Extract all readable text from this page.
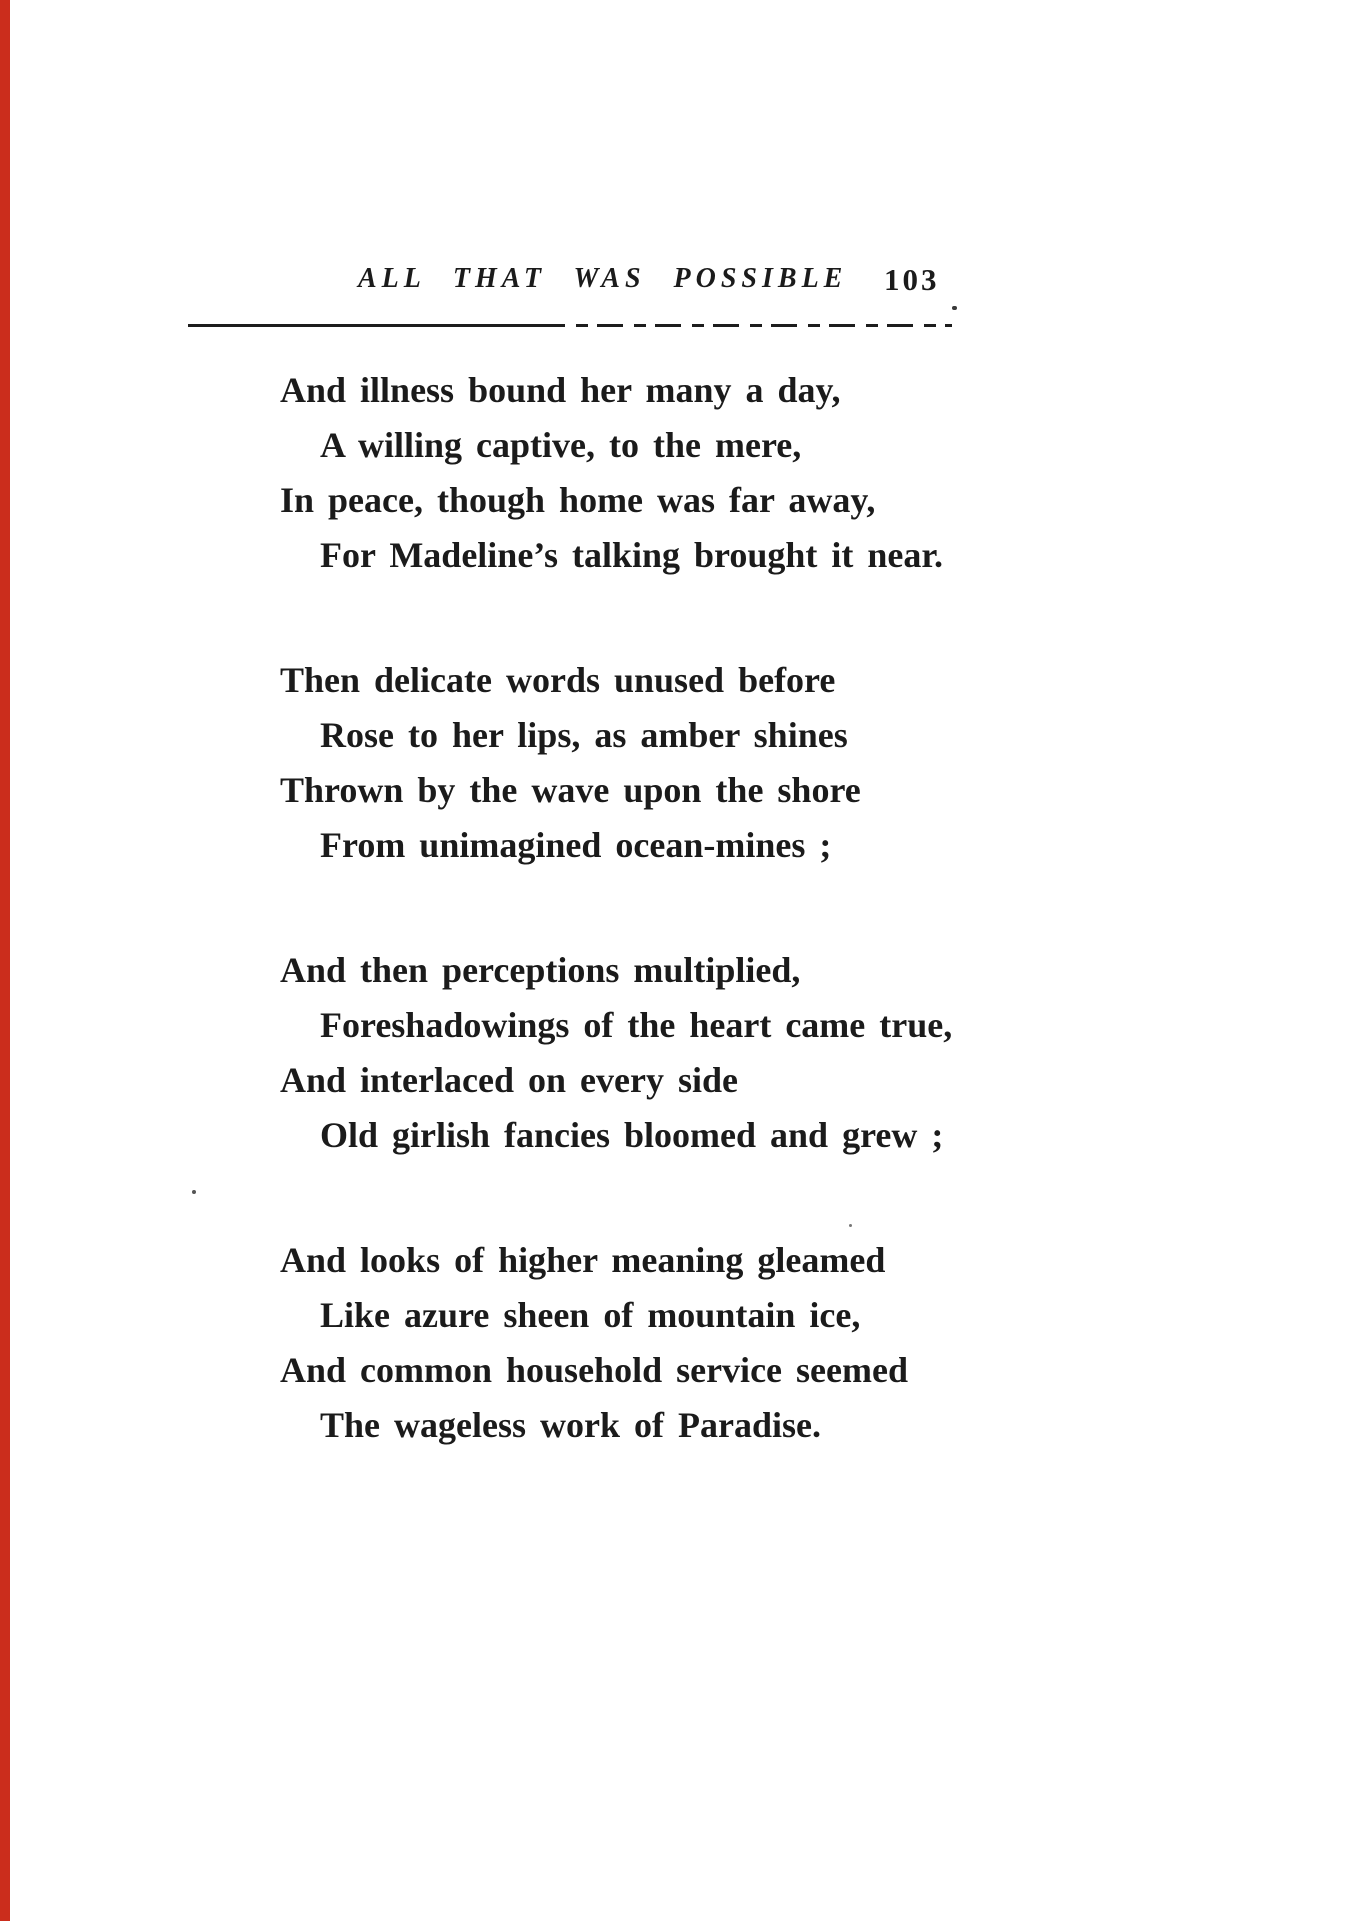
ALL THAT WAS POSSIBLE 103
And illness bound her many a day,
A willing captive, to the mere,
In peace, though home was far away,
For Madeline’s talking brought it near.
Then delicate words unused before
Rose to her lips, as amber shines
Thrown by the wave upon the shore
From unimagined ocean-mines ;
And then perceptions multiplied,
Foreshadowings of the heart came true,
And interlaced on every side
Old girlish fancies bloomed and grew ;
And looks of higher meaning gleamed
Like azure sheen of mountain ice,
And common household service seemed
The wageless work of Paradise.
